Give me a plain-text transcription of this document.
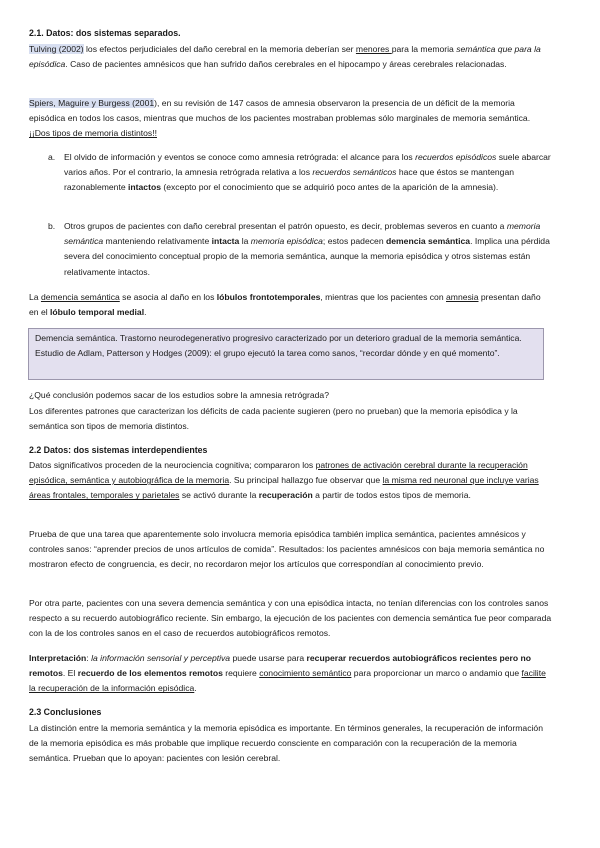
2.1. Datos: dos sistemas separados.

Tulving (2002) los efectos perjudiciales del daño cerebral en la memoria deberían ser menores para la memoria semántica que para la episódica. Caso de pacientes amnésicos que han sufrido daños cerebrales en el hipocampo y áreas cerebrales relacionadas.

Spiers, Maguire y Burgess (2001), en su revisión de 147 casos de amnesia observaron la presencia de un déficit de la memoria episódica en todos los casos, mientras que muchos de los pacientes mostraban problemas sólo marginales de memoria semántica. ¡¡Dos tipos de memoria distintos!!

a.	El olvido de información y eventos se conoce como amnesia retrógrada: el alcance para los recuerdos episódicos suele abarcar varios años. Por el contrario, la amnesia retrógrada relativa a los recuerdos semánticos hace que éstos se mantengan razonablemente intactos (excepto por el conocimiento que se adquirió poco antes de la aparición de la amnesia).
b.	Otros grupos de pacientes con daño cerebral presentan el patrón opuesto, es decir, problemas severos en cuanto a memoria semántica manteniendo relativamente intacta la memoria episódica; estos padecen demencia semántica. Implica una pérdida severa del conocimiento conceptual propio de la memoria semántica, aunque la memoria episódica y otros sistemas están relativamente intactos.

La demencia semántica se asocia al daño en los lóbulos frontotemporales, mientras que los pacientes con amnesia presentan daño en el lóbulo temporal medial.

Demencia semántica. Trastorno neurodegenerativo progresivo caracterizado por un deterioro gradual de la memoria semántica. Estudio de Adlam, Patterson y Hodges (2009): el grupo ejecutó la tarea como sanos, “recordar dónde y en qué momento”.

¿Qué conclusión podemos sacar de los estudios sobre la amnesia retrógrada?

Los diferentes patrones que caracterizan los déficits de cada paciente sugieren (pero no prueban) que la memoria episódica y la semántica son tipos de memoria distintos.

2.2 Datos: dos sistemas interdependientes

Datos significativos proceden de la neurociencia cognitiva; compararon los patrones de activación cerebral durante la recuperación episódica, semántica y autobiográfica de la memoria. Su principal hallazgo fue observar que la misma red neuronal que incluye varias áreas frontales, temporales y parietales se activó durante la recuperación a partir de todos estos tipos de memoria.

Prueba de que una tarea que aparentemente solo involucra memoria episódica también implica semántica, pacientes amnésicos y controles sanos: “aprender precios de unos artículos de comida”. Resultados: los pacientes amnésicos con baja memoria semántica no mostraron efecto de congruencia, es decir, no recordaron mejor los artículos que correspondían al conocimiento previo.

Por otra parte, pacientes con una severa demencia semántica y con una episódica intacta, no tenían diferencias con los controles sanos respecto a su recuerdo autobiográfico reciente. Sin embargo, la ejecución de los pacientes con demencia semántica fue peor comparada con la de los controles sanos en el caso de recuerdos autobiográficos remotos.

Interpretación: la información sensorial y perceptiva puede usarse para recuperar recuerdos autobiográficos recientes pero no remotos. El recuerdo de los elementos remotos requiere conocimiento semántico para proporcionar un marco o andamio que facilite la recuperación de la información episódica.

2.3 Conclusiones

La distinción entre la memoria semántica y la memoria episódica es importante. En términos generales, la recuperación de información de la memoria episódica es más probable que implique recuerdo consciente en comparación con la recuperación de la memoria semántica. Prueban que lo apoyan: pacientes con lesión cerebral.
